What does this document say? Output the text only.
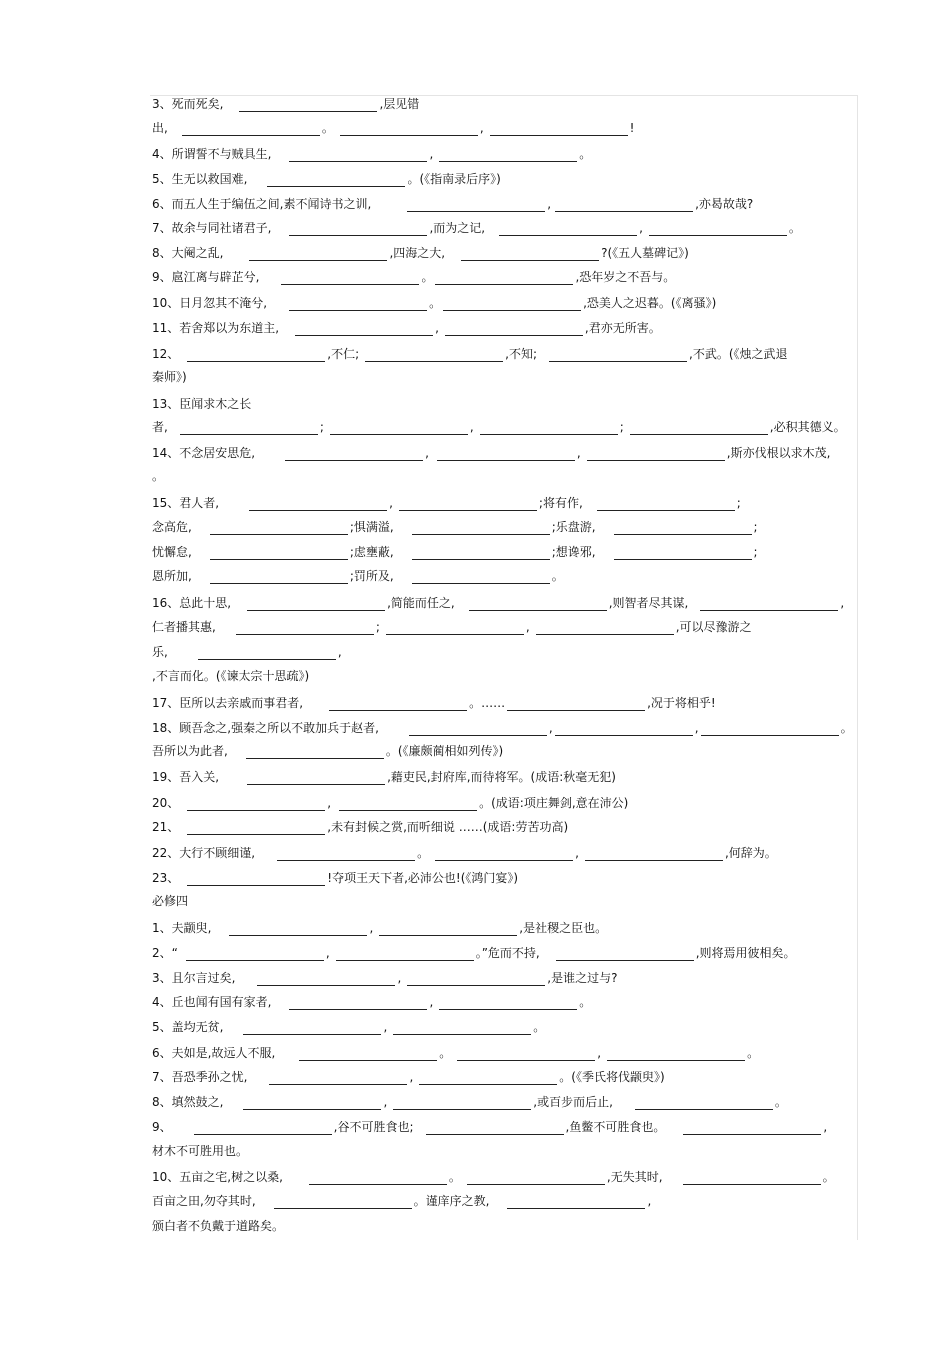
3、死而死矣,	,层见错
出,	。	,	!
4、所谓誓不与贼具生,	,	。
5、生无以救国难,	。(《指南录后序》)
6、而五人生于编伍之间,素不闻诗书之训,	,	,亦曷故哉?
7、故余与同社诸君子,	,而为之记,	,	。
8、大阉之乱,	,四海之大,	?(《五人墓碑记》)
9、扈江离与辟芷兮,	。	,恐年岁之不吾与。
10、日月忽其不淹兮,	。	,恐美人之迟暮。(《离骚》)
11、若舍郑以为东道主,	,	,君亦无所害。
12、	,不仁;	,不知;	,不武。(《烛之武退
秦师》)
13、臣闻求木之长
者,	;	,	;	,必积其德义。
14、不念居安思危,	,	,	,斯亦伐根以求木茂,
。
15、君人者,	,	;将有作,	;
念高危,	;惧满溢,	;乐盘游,	;
忧懈怠,	;虑壅蔽,	;想谗邪,	;
恩所加,	;罚所及,	。
16、总此十思,	,简能而任之,	,则智者尽其谋,	,
仁者播其惠,	;	,	,可以尽豫游之
乐,	,
,不言而化。(《谏太宗十思疏》)
17、臣所以去亲戚而事君者,	。……	,况于将相乎!
18、顾吾念之,强秦之所以不敢加兵于赵者,	,	,	。
吾所以为此者,	。(《廉颇蔺相如列传》)
19、吾入关,	,藉吏民,封府库,而待将军。(成语:秋毫无犯)
20、	,	。(成语:项庄舞剑,意在沛公)
21、	,未有封候之赏,而听细说 ……(成语:劳苦功高)
22、大行不顾细谨,	。	,	,何辞为。
23、	!夺项王天下者,必沛公也!(《鸿门宴》)
必修四
1、夫颛臾,	,	,是社稷之臣也。
2、“	,	。”危而不持,	,则将焉用彼相矣。
3、且尔言过矣,	,	,是谁之过与?
4、丘也闻有国有家者,	,	。
5、盖均无贫,	,	。
6、夫如是,故远人不服,	。	,	。
7、吾恐季孙之忧,	,	。(《季氏将伐颛臾》)
8、填然鼓之,	,	,或百步而后止,	。
9、	,谷不可胜食也;	,鱼鳖不可胜食也。	,
材木不可胜用也。
10、五亩之宅,树之以桑,	。	,无失其时,	。
百亩之田,勿夺其时,	。谨庠序之教,	,
颁白者不负戴于道路矣。
